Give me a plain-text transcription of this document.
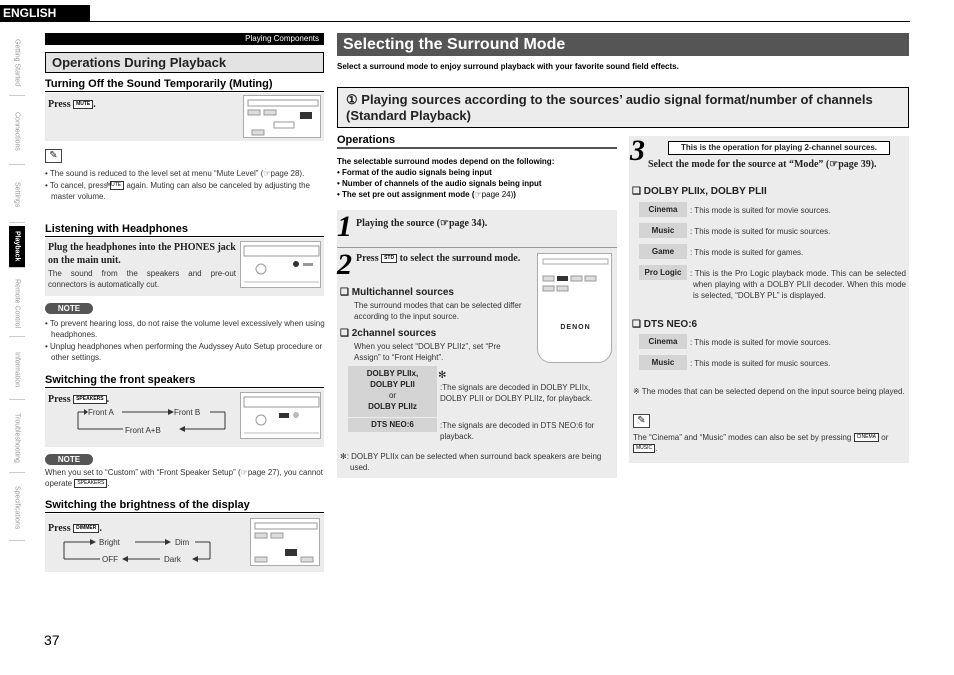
ENGLISH
Getting Started
Connections
Settings
Playback
Remote Control
Information
Troubleshooting
Specifications
37
Playing Components
Operations During Playback
Turning Off the Sound Temporarily (Muting)
Press MUTE .
✎
• The sound is reduced to the level set at menu “Mute Level” (☞page 28).
• To cancel, press MUTE again. Muting can also be canceled by adjusting the master volume.
Listening with Headphones
Plug the headphones into the PHONES jack on the main unit.
The sound from the speakers and pre-out connectors is automatically cut.
NOTE
• To prevent hearing loss, do not raise the volume level excessively when using headphones.
• Unplug headphones when performing the Audyssey Auto Setup procedure or other settings.
Switching the front speakers
Press SPEAKERS .
Front A	Front B
Front A+B
NOTE
When you set to “Custom” with “Front Speaker Setup” (☞page 27), you cannot operate SPEAKERS .
Switching the brightness of the display
Press DIMMER .
Bright	Dim
OFF	Dark
Selecting the Surround Mode
Select a surround mode to enjoy surround playback with your favorite sound field effects.
① Playing sources according to the sources’ audio signal format/number of channels (Standard Playback)
Operations
The selectable surround modes depend on the following:
• Format of the audio signals being input
• Number of channels of the audio signals being input
• The set pre out assignment mode (☞page 24))
1 Playing the source (☞page 34).
2 Press STD to select the surround mode.
DENON
❏ Multichannel sources
The surround modes that can be selected differ according to the input source.
❏ 2channel sources
When you select “DOLBY PLIIz”, set “Pre Assign” to “Front Height”.
DOLBY PLIIx,
DOLBY PLII
or
DOLBY PLIIz
✻
:The signals are decoded in DOLBY PLIIx, DOLBY PLII or DOLBY PLIIz, for playback.
DTS NEO:6	:The signals are decoded in DTS NEO:6 for playback.
✻: DOLBY PLIIx can be selected when surround back speakers are being used.
3	This is the operation for playing 2-channel sources.
Select the mode for the source at “Mode” (☞page 39).
❏ DOLBY PLIIx, DOLBY PLII
Cinema	: This mode is suited for movie sources.
Music	: This mode is suited for music sources.
Game	: This mode is suited for games.
Pro Logic	: This is the Pro Logic playback mode. This can be selected when playing with a DOLBY PLII decoder. When this mode is selected, “DOLBY PL” is displayed.
❏ DTS NEO:6
Cinema	: This mode is suited for movie sources.
Music	: This mode is suited for music sources.
※ The modes that can be selected depend on the input source being played.
✎
The “Cinema” and “Music” modes can also be set by pressing CINEMA or MUSIC .
